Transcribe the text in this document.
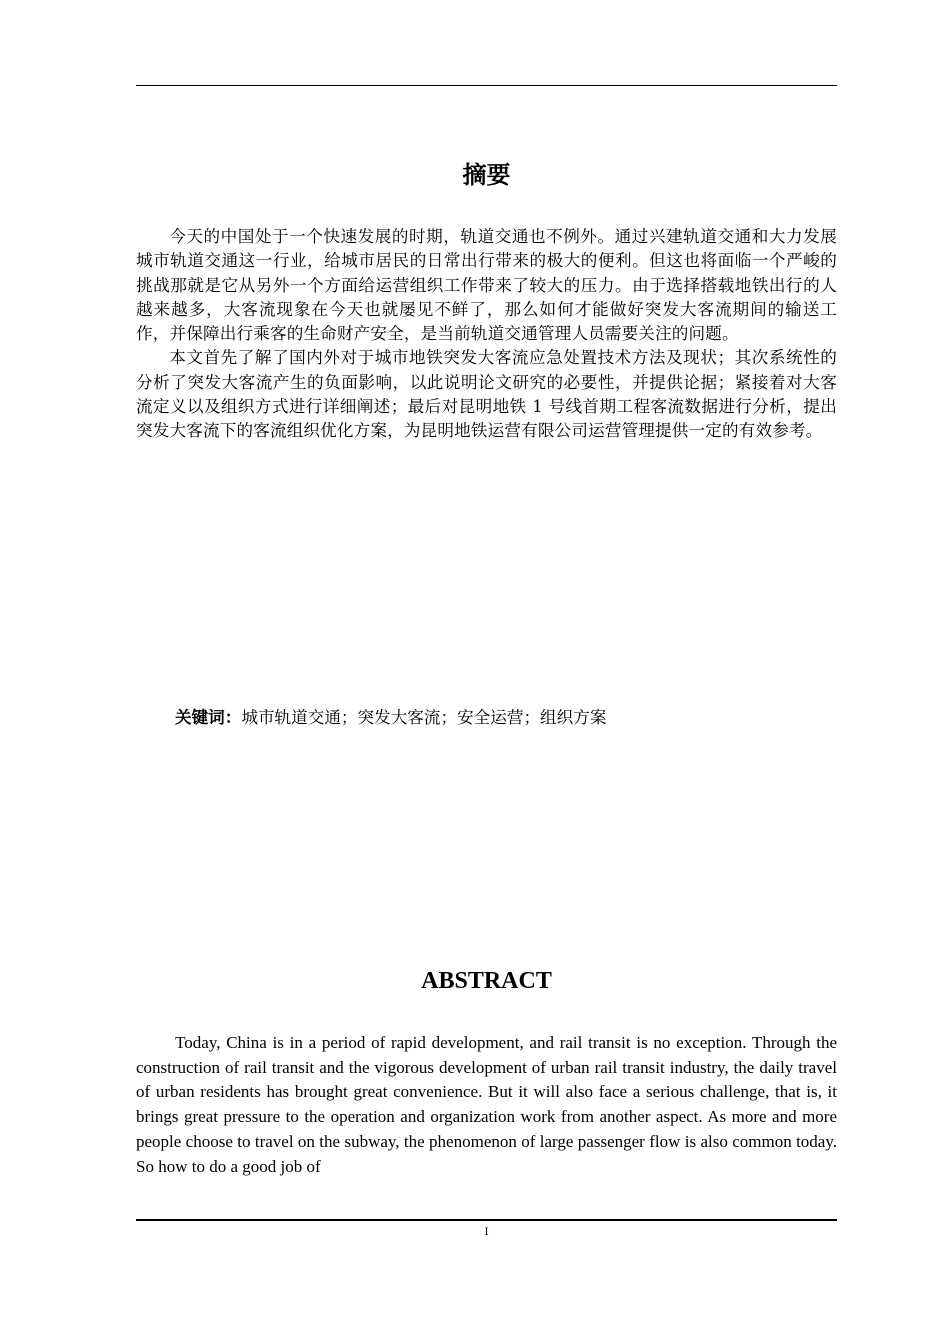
摘要

今天的中国处于一个快速发展的时期，轨道交通也不例外。通过兴建轨道交通和大力发展城市轨道交通这一行业，给城市居民的日常出行带来的极大的便利。但这也将面临一个严峻的挑战那就是它从另外一个方面给运营组织工作带来了较大的压力。由于选择搭载地铁出行的人越来越多，大客流现象在今天也就屡见不鲜了，那么如何才能做好突发大客流期间的输送工作，并保障出行乘客的生命财产安全，是当前轨道交通管理人员需要关注的问题。

本文首先了解了国内外对于城市地铁突发大客流应急处置技术方法及现状；其次系统性的分析了突发大客流产生的负面影响，以此说明论文研究的必要性，并提供论据；紧接着对大客流定义以及组织方式进行详细阐述；最后对昆明地铁 1 号线首期工程客流数据进行分析，提出突发大客流下的客流组织优化方案，为昆明地铁运营有限公司运营管理提供一定的有效参考。

关键词：城市轨道交通；突发大客流；安全运营；组织方案

ABSTRACT

Today, China is in a period of rapid development, and rail transit is no exception. Through the construction of rail transit and the vigorous development of urban rail transit industry, the daily travel of urban residents has brought great convenience. But it will also face a serious challenge, that is, it brings great pressure to the operation and organization work from another aspect. As more and more people choose to travel on the subway, the phenomenon of large passenger flow is also common today. So how to do a good job of

I
